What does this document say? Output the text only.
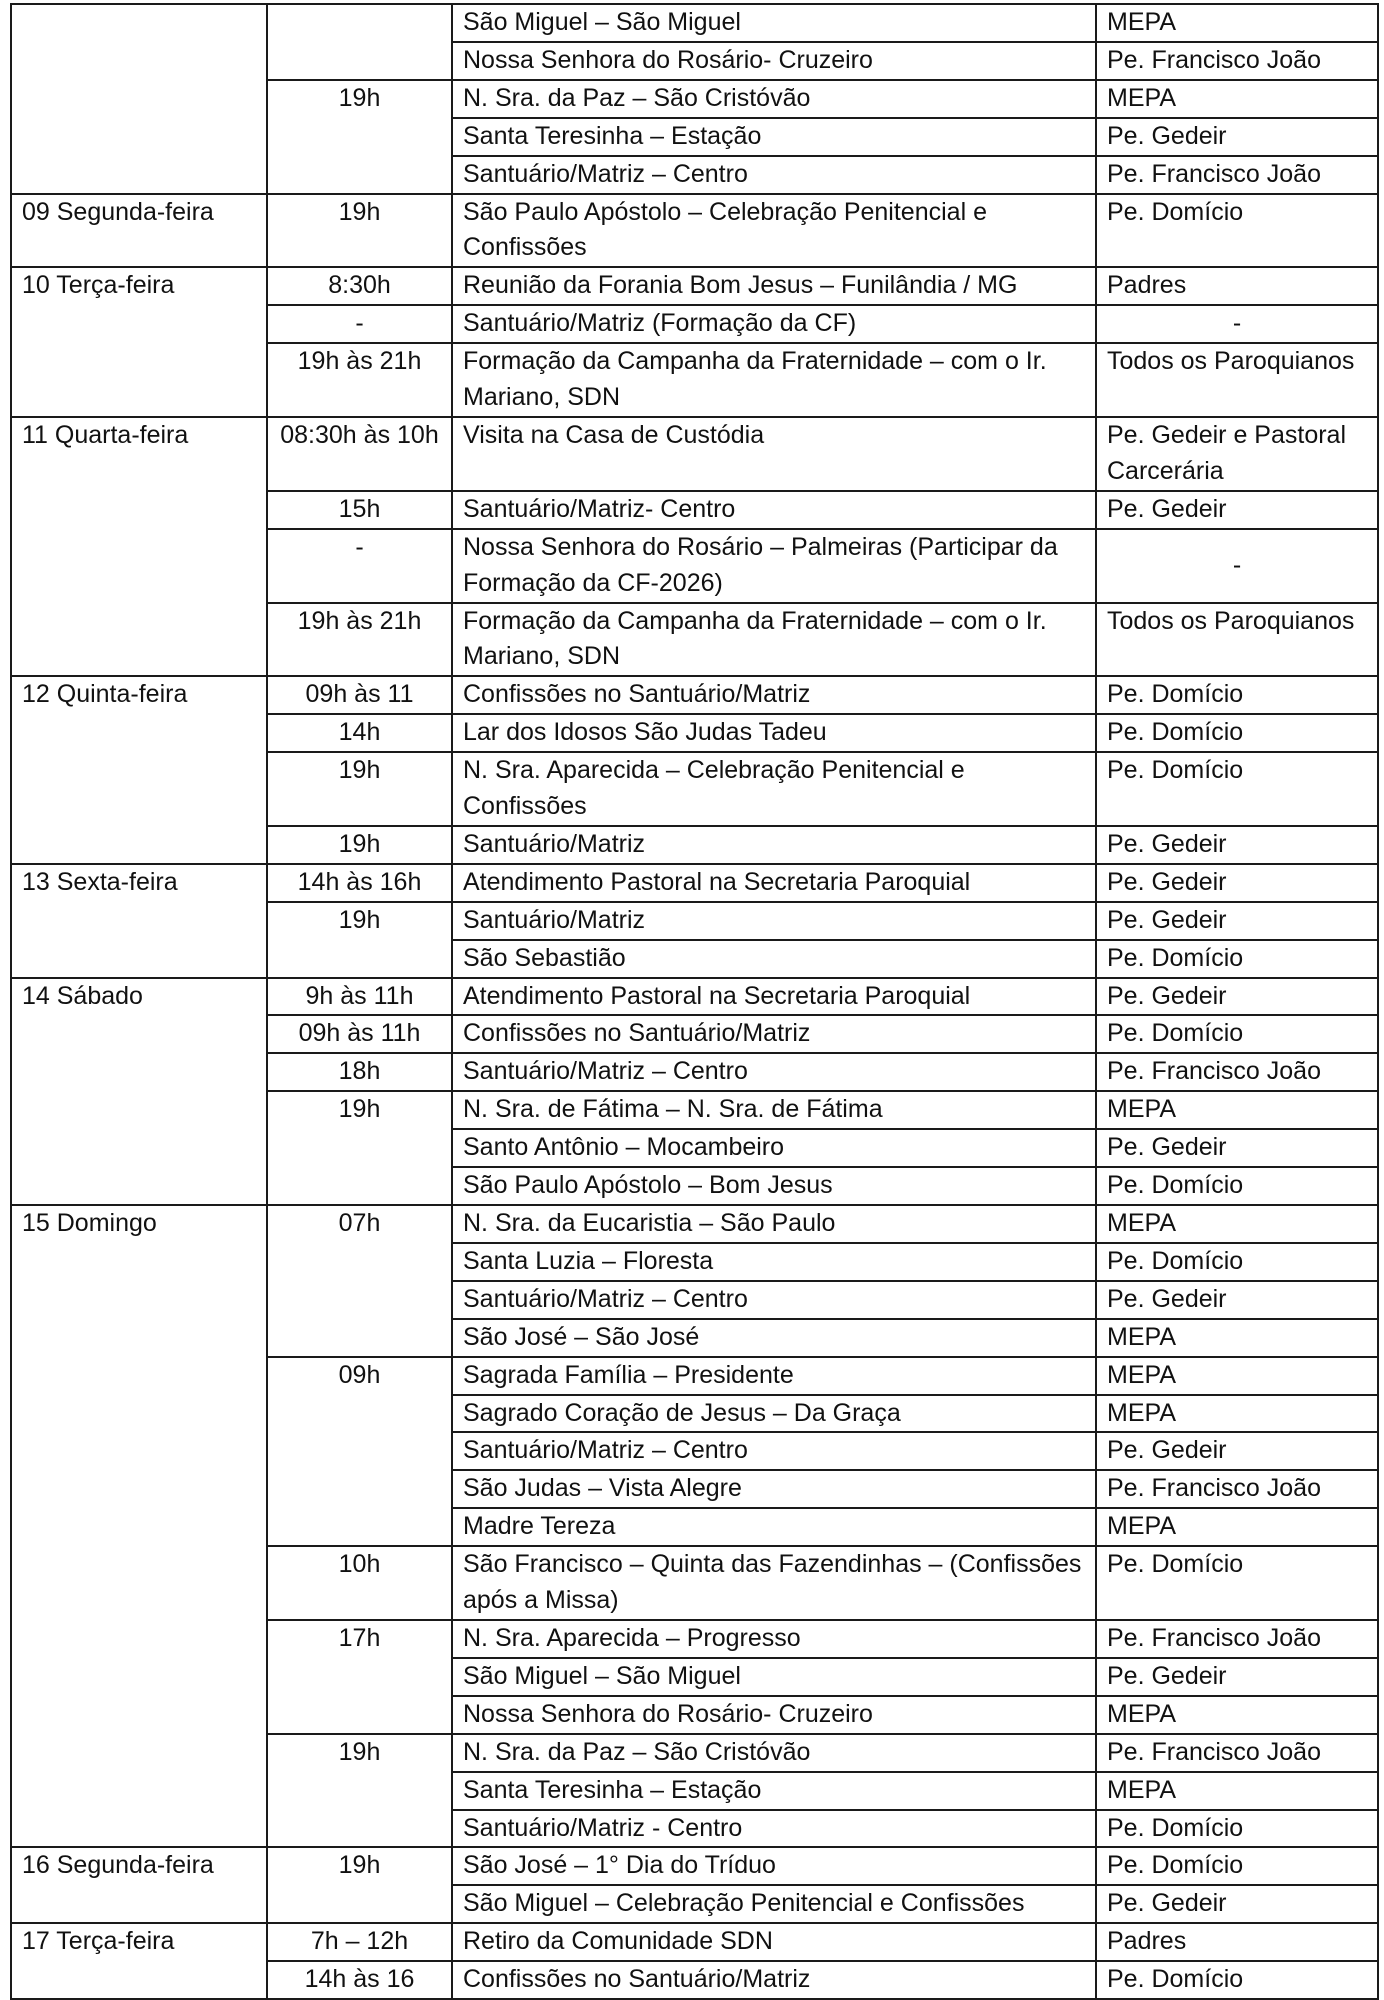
		São Miguel – São Miguel	MEPA
		Nossa Senhora do Rosário- Cruzeiro	Pe. Francisco João
	19h	N. Sra. da Paz – São Cristóvão	MEPA
		Santa Teresinha – Estação	Pe. Gedeir
		Santuário/Matriz – Centro	Pe. Francisco João
09 Segunda-feira	19h	São Paulo Apóstolo – Celebração Penitencial e Confissões	Pe. Domício
10 Terça-feira	8:30h	Reunião da Forania Bom Jesus – Funilândia / MG	Padres
	-	Santuário/Matriz (Formação da CF)	-
	19h às 21h	Formação da Campanha da Fraternidade – com o Ir. Mariano, SDN	Todos os Paroquianos
11 Quarta-feira	08:30h às 10h	Visita na Casa de Custódia	Pe. Gedeir e Pastoral Carcerária
	15h	Santuário/Matriz- Centro	Pe. Gedeir
	-	Nossa Senhora do Rosário – Palmeiras (Participar da Formação da CF-2026)	-
	19h às 21h	Formação da Campanha da Fraternidade – com o Ir. Mariano, SDN	Todos os Paroquianos
12 Quinta-feira	09h às 11	Confissões no Santuário/Matriz	Pe. Domício
	14h	Lar dos Idosos São Judas Tadeu	Pe. Domício
	19h	N. Sra. Aparecida – Celebração Penitencial e Confissões	Pe. Domício
	19h	Santuário/Matriz	Pe. Gedeir
13 Sexta-feira	14h às 16h	Atendimento Pastoral na Secretaria Paroquial	Pe. Gedeir
	19h	Santuário/Matriz	Pe. Gedeir
		São Sebastião	Pe. Domício
14 Sábado	9h às 11h	Atendimento Pastoral na Secretaria Paroquial	Pe. Gedeir
	09h às 11h	Confissões no Santuário/Matriz	Pe. Domício
	18h	Santuário/Matriz – Centro	Pe. Francisco João
	19h	N. Sra. de Fátima – N. Sra. de Fátima	MEPA
		Santo Antônio – Mocambeiro	Pe. Gedeir
		São Paulo Apóstolo – Bom Jesus	Pe. Domício
15 Domingo	07h	N. Sra. da Eucaristia – São Paulo	MEPA
		Santa Luzia – Floresta	Pe. Domício
		Santuário/Matriz – Centro	Pe. Gedeir
		São José – São José	MEPA
	09h	Sagrada Família – Presidente	MEPA
		Sagrado Coração de Jesus – Da Graça	MEPA
		Santuário/Matriz – Centro	Pe. Gedeir
		São Judas – Vista Alegre	Pe. Francisco João
		Madre Tereza	MEPA
	10h	São Francisco – Quinta das Fazendinhas – (Confissões após a Missa)	Pe. Domício
	17h	N. Sra. Aparecida – Progresso	Pe. Francisco João
		São Miguel – São Miguel	Pe. Gedeir
		Nossa Senhora do Rosário- Cruzeiro	MEPA
	19h	N. Sra. da Paz – São Cristóvão	Pe. Francisco João
		Santa Teresinha – Estação	MEPA
		Santuário/Matriz - Centro	Pe. Domício
16 Segunda-feira	19h	São José – 1° Dia do Tríduo	Pe. Domício
		São Miguel – Celebração Penitencial e Confissões	Pe. Gedeir
17 Terça-feira	7h – 12h	Retiro da Comunidade SDN	Padres
	14h às 16	Confissões no Santuário/Matriz	Pe. Domício
